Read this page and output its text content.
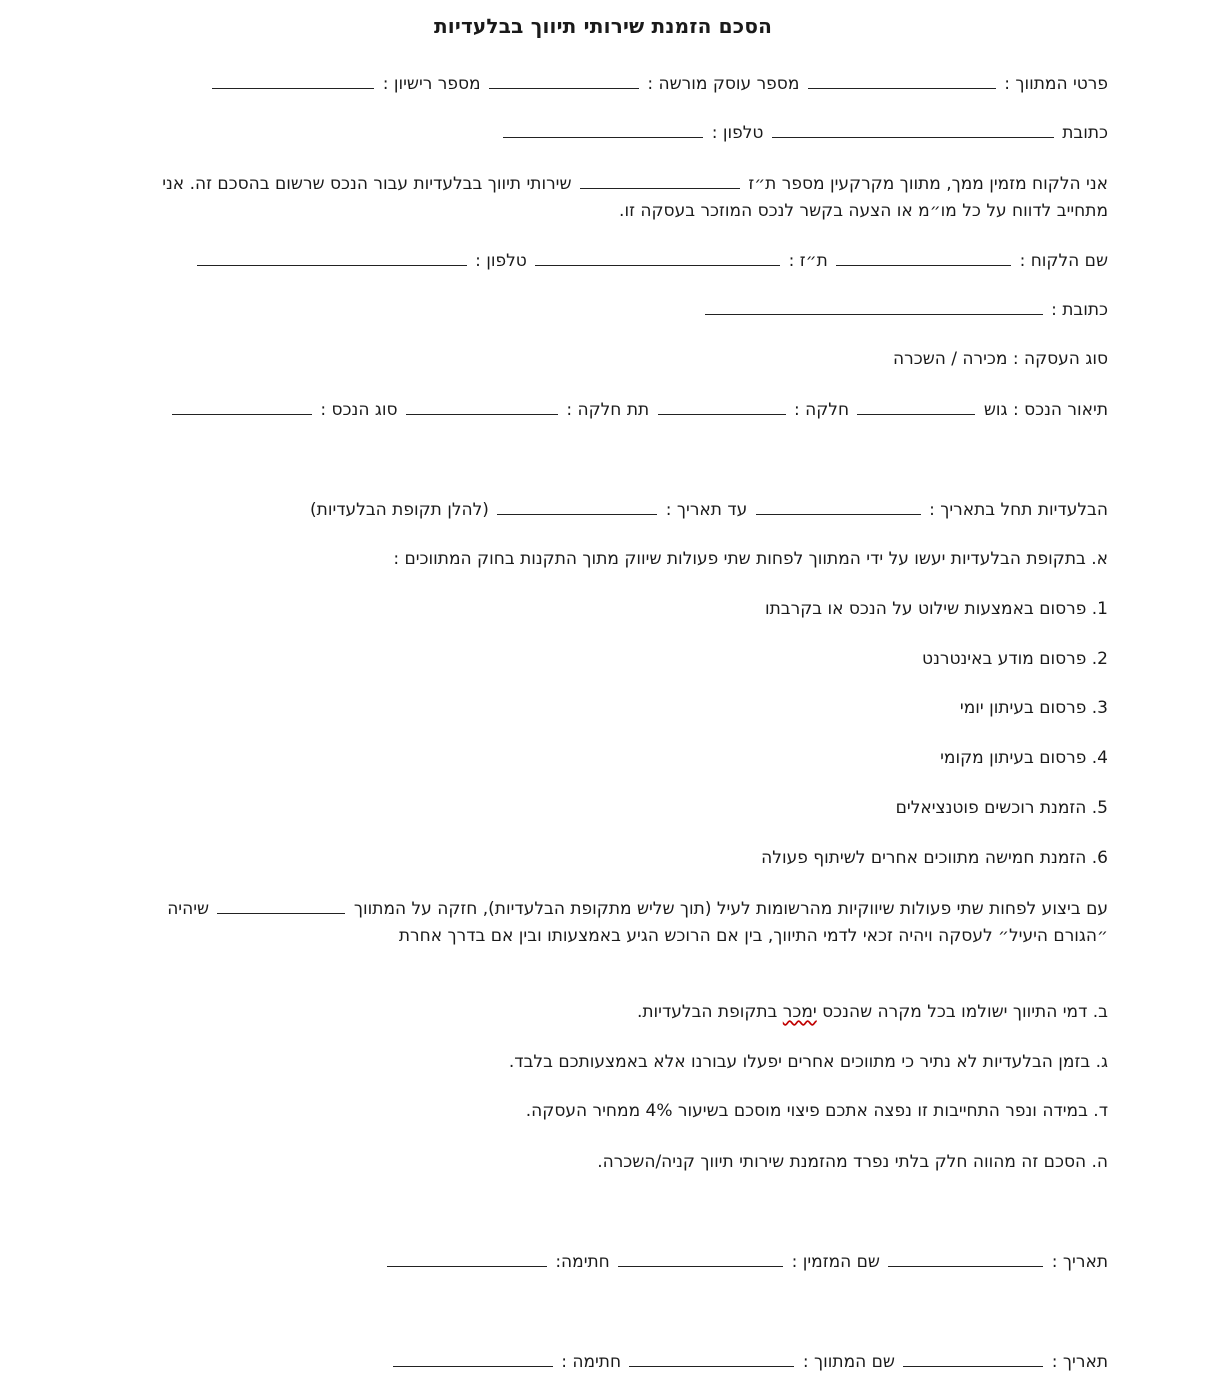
הסכם הזמנת שירותי תיווך בבלעדיות
פרטי המתווך :  מספר עוסק מורשה :  מספר רישיון :
כתובת  טלפון :
אני הלקוח מזמין ממך, מתווך מקרקעין מספר ת״ז  שירותי תיווך בבלעדיות עבור הנכס שרשום בהסכם זה. אני מתחייב לדווח על כל מו״מ או הצעה בקשר לנכס המוזכר בעסקה זו.
שם הלקוח :  ת״ז :  טלפון :
כתובת :
סוג העסקה : מכירה / השכרה
תיאור הנכס : גוש  חלקה :  תת חלקה :  סוג הנכס :
הבלעדיות תחל בתאריך :  עד תאריך :  (להלן תקופת הבלעדיות)
א. בתקופת הבלעדיות יעשו על ידי המתווך לפחות שתי פעולות שיווק מתוך התקנות בחוק המתווכים :
1. פרסום באמצעות שילוט על הנכס או בקרבתו
2. פרסום מודע באינטרנט
3. פרסום בעיתון יומי
4. פרסום בעיתון מקומי
5. הזמנת רוכשים פוטנציאלים
6. הזמנת חמישה מתווכים אחרים לשיתוף פעולה
עם ביצוע לפחות שתי פעולות שיווקיות מהרשומות לעיל (תוך שליש מתקופת הבלעדיות), חזקה על המתווך  שיהיה ״הגורם היעיל״ לעסקה ויהיה זכאי לדמי התיווך, בין אם הרוכש הגיע באמצעותו ובין אם בדרך אחרת
ב. דמי התיווך ישולמו בכל מקרה שהנכס ימכר בתקופת הבלעדיות.
ג. בזמן הבלעדיות לא נתיר כי מתווכים אחרים יפעלו עבורנו אלא באמצעותכם בלבד.
ד. במידה ונפר התחייבות זו נפצה אתכם פיצוי מוסכם בשיעור 4% ממחיר העסקה.
ה. הסכם זה מהווה חלק בלתי נפרד מהזמנת שירותי תיווך קניה/השכרה.
תאריך :  שם המזמין :  חתימה:
תאריך :  שם המתווך :  חתימה :
